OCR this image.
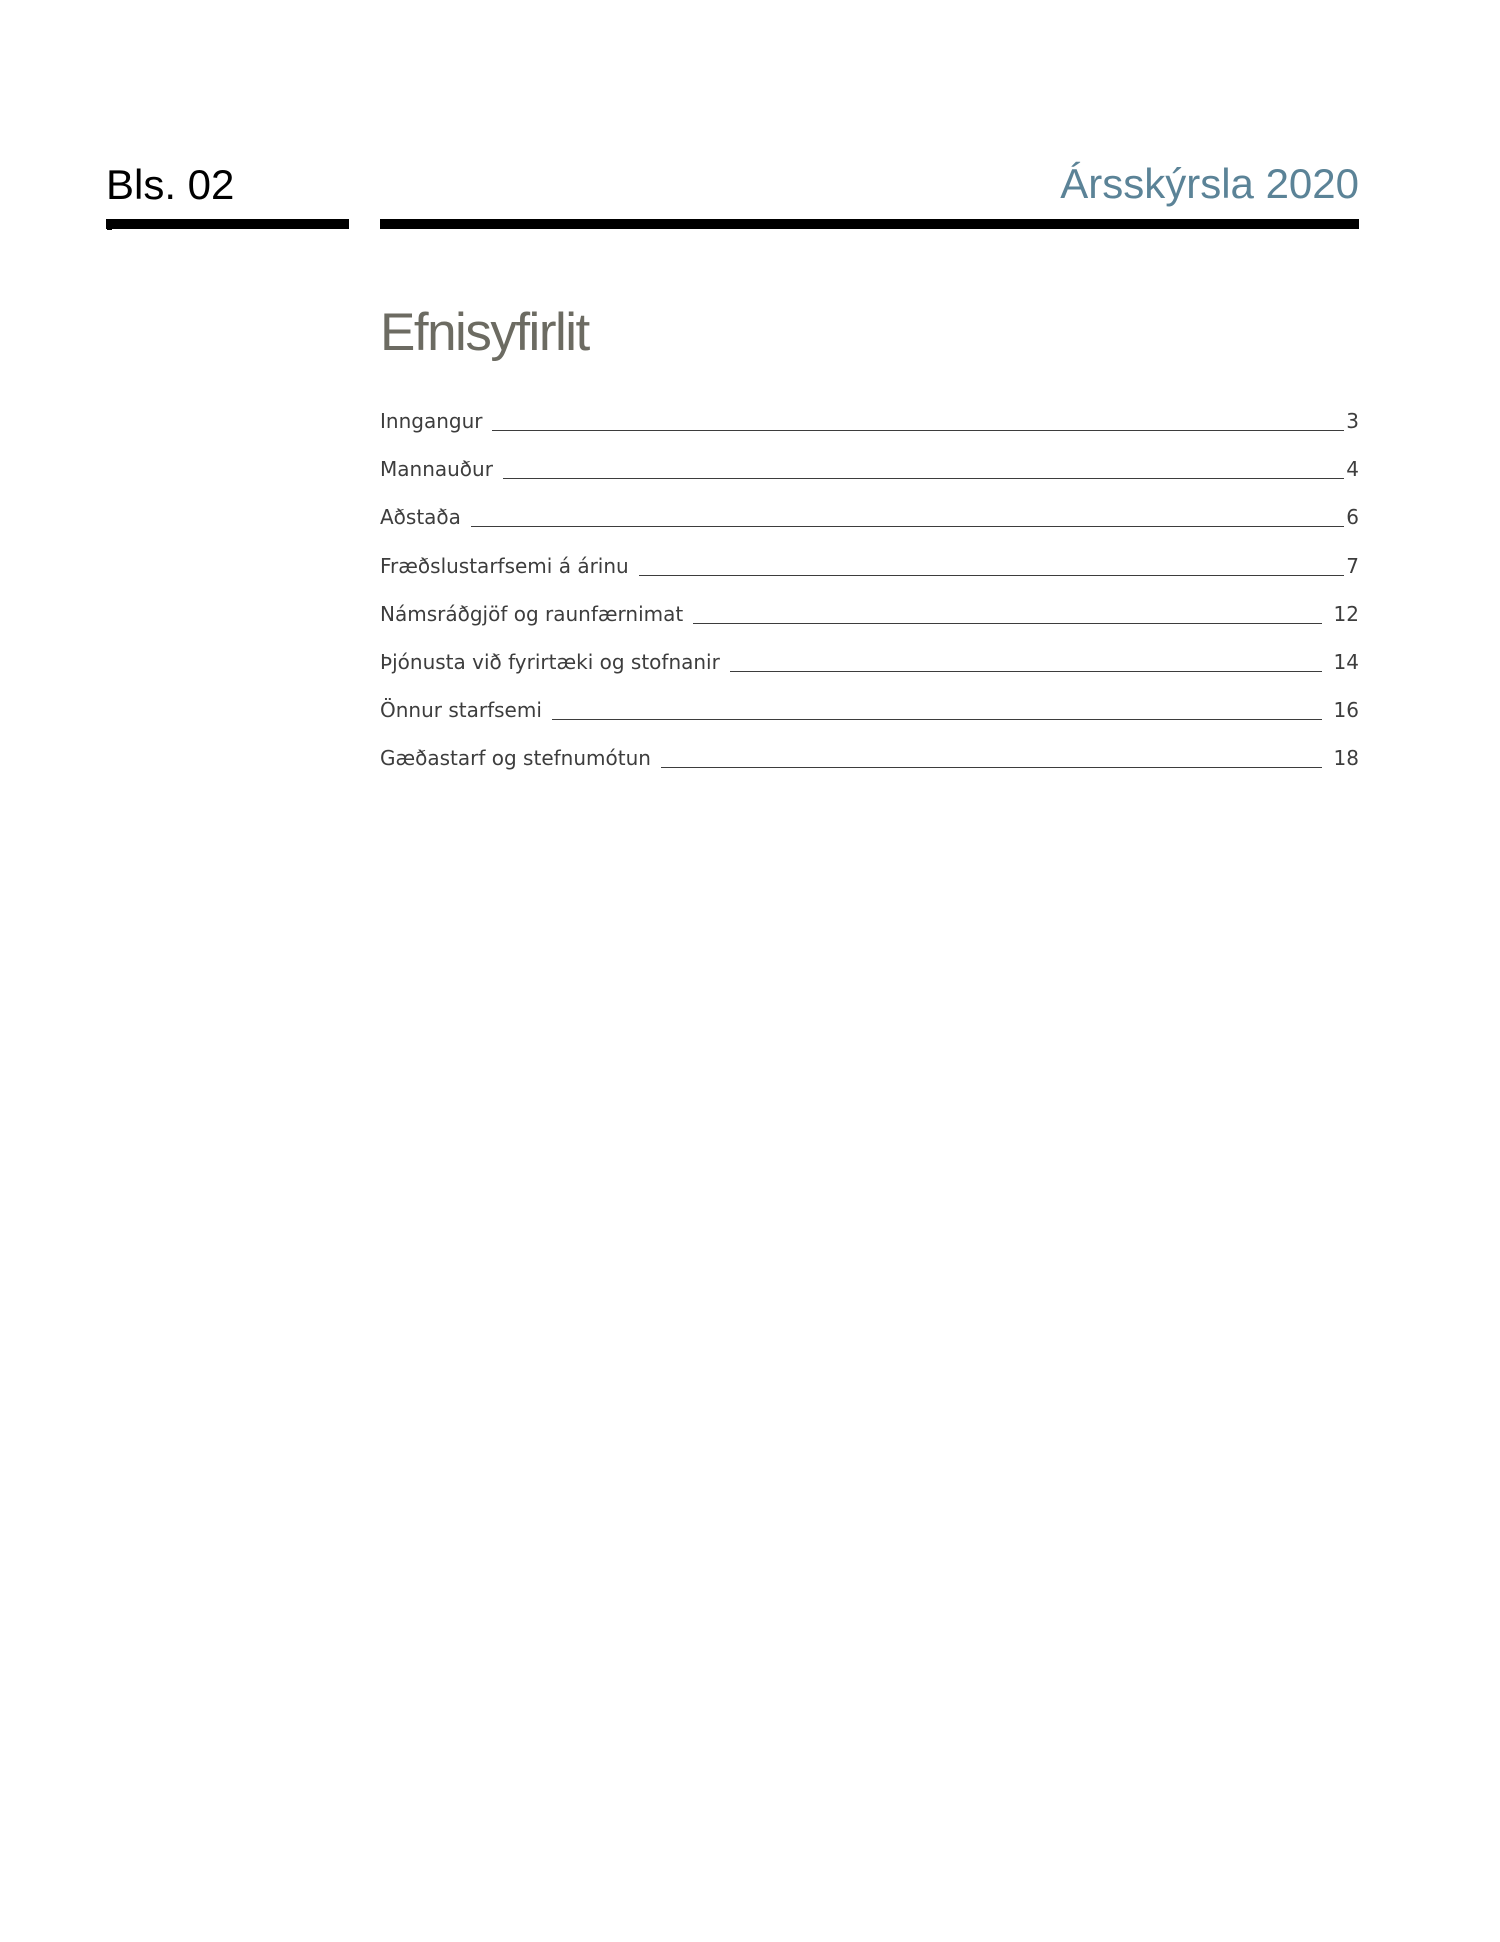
Bls. 02	Ársskýrsla 2020
Efnisyfirlit
Inngangur	3
Mannauður	4
Aðstaða	6
Fræðslustarfsemi á árinu	7
Námsráðgjöf og raunfærnimat	12
Þjónusta við fyrirtæki og stofnanir	14
Önnur starfsemi	16
Gæðastarf og stefnumótun	18
